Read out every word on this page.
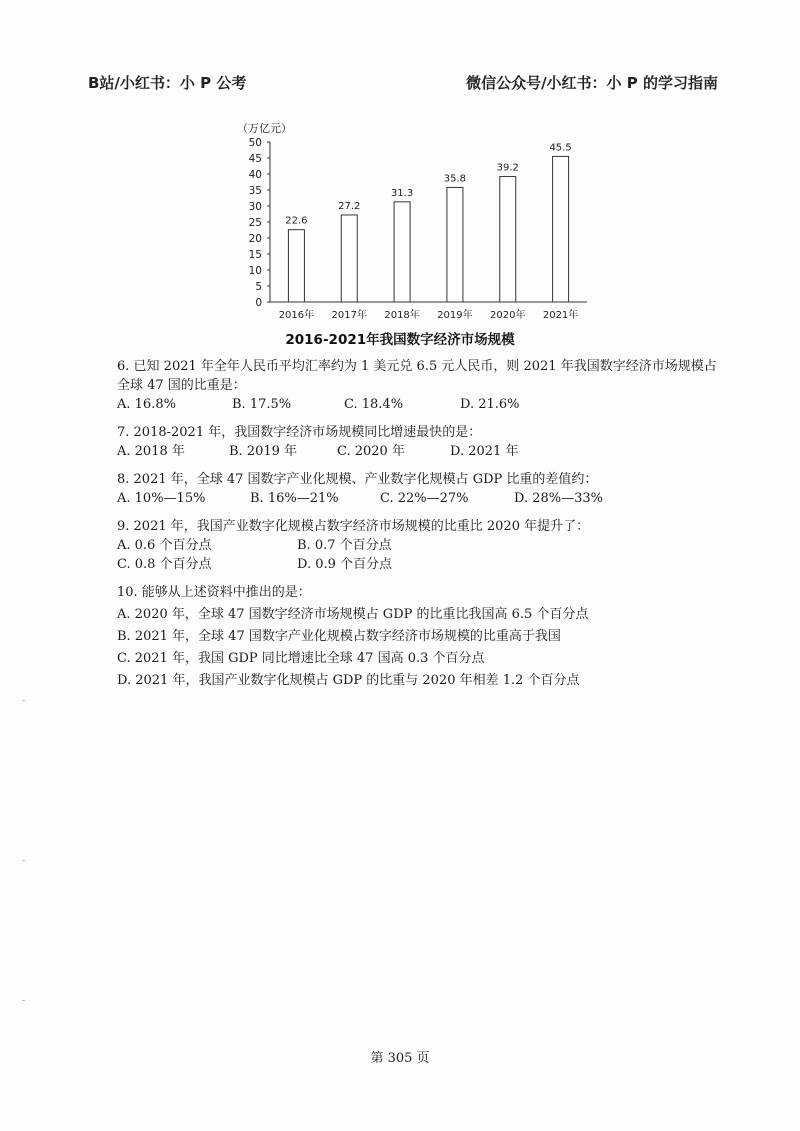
B站/小红书：小 P 公考	微信公众号/小红书：小 P 的学习指南
（万亿元）
0
5
10
15
20
25
30
35
40
45
50
22.6
2016年
27.2
2017年
31.3
2018年
35.8
2019年
39.2
2020年
45.5
2021年
2016-2021年我国数字经济市场规模
6. 已知 2021 年全年人民币平均汇率约为 1 美元兑 6.5 元人民币，则 2021 年我国数字经济市场规模占全球 47 国的比重是：
A. 16.8%	B. 17.5%	C. 18.4%	D. 21.6%
7. 2018-2021 年，我国数字经济市场规模同比增速最快的是：
A. 2018 年	B. 2019 年	C. 2020 年	D. 2021 年
8. 2021 年，全球 47 国数字产业化规模、产业数字化规模占 GDP 比重的差值约：
A. 10%—15%	B. 16%—21%	C. 22%—27%	D. 28%—33%
9. 2021 年，我国产业数字化规模占数字经济市场规模的比重比 2020 年提升了：
A. 0.6 个百分点	B. 0.7 个百分点
C. 0.8 个百分点	D. 0.9 个百分点
10. 能够从上述资料中推出的是：
A. 2020 年，全球 47 国数字经济市场规模占 GDP 的比重比我国高 6.5 个百分点
B. 2021 年，全球 47 国数字产业化规模占数字经济市场规模的比重高于我国
C. 2021 年，我国 GDP 同比增速比全球 47 国高 0.3 个百分点
D. 2021 年，我国产业数字化规模占 GDP 的比重与 2020 年相差 1.2 个百分点
第 305 页
